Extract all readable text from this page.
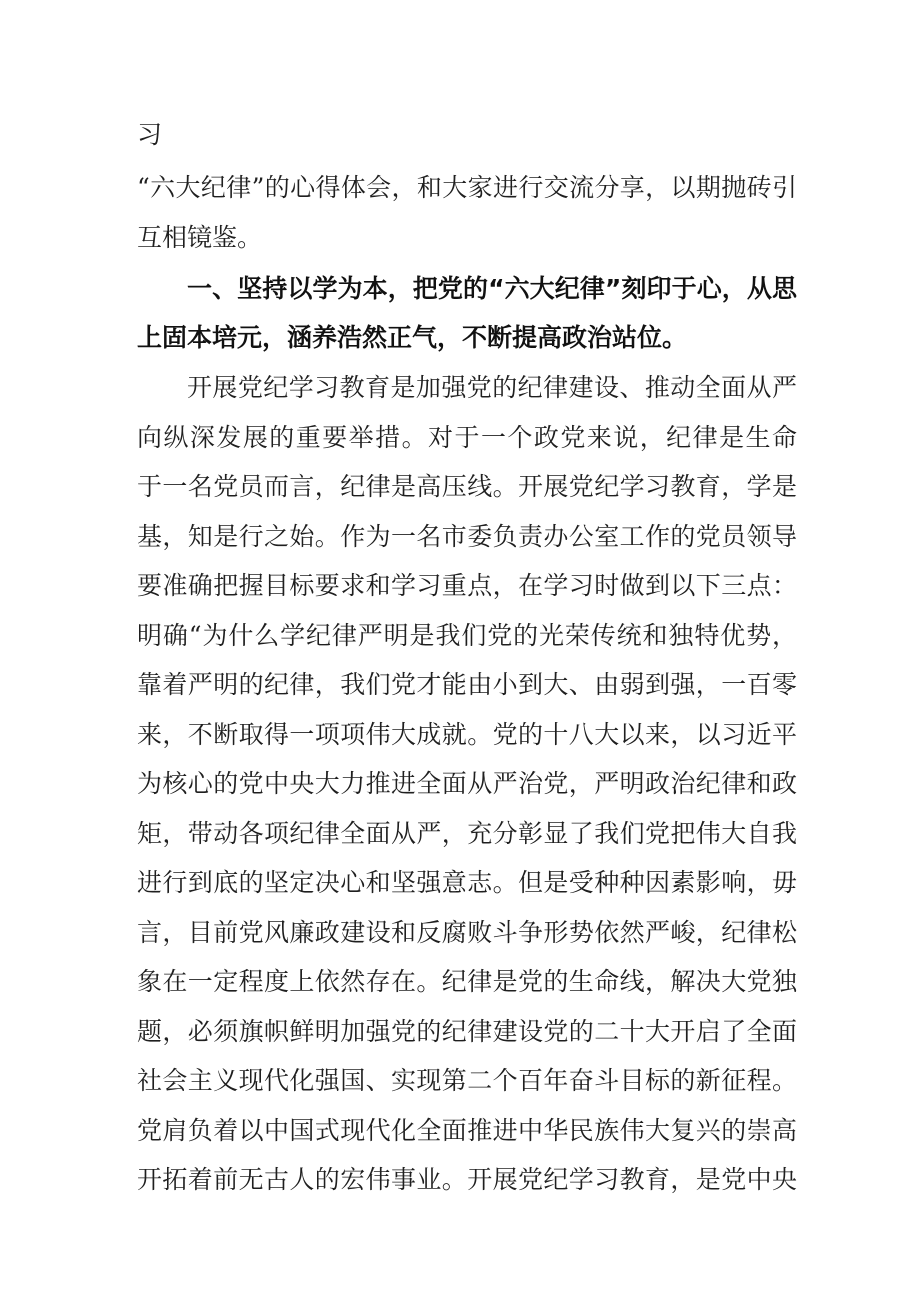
习
“六大纪律”的心得体会，和大家进行交流分享，以期抛砖引
互相镜鉴。
一、坚持以学为本，把党的“六大纪律”刻印于心，从思
上固本培元，涵养浩然正气，不断提高政治站位。
开展党纪学习教育是加强党的纪律建设、推动全面从严
向纵深发展的重要举措。对于一个政党来说，纪律是生命
于一名党员而言，纪律是高压线。开展党纪学习教育，学是
基，知是行之始。作为一名市委负责办公室工作的党员领导
要准确把握目标要求和学习重点，在学习时做到以下三点：
明确“为什么学纪律严明是我们党的光荣传统和独特优势，
靠着严明的纪律，我们党才能由小到大、由弱到强，一百零
来，不断取得一项项伟大成就。党的十八大以来，以习近平
为核心的党中央大力推进全面从严治党，严明政治纪律和政
矩，带动各项纪律全面从严，充分彰显了我们党把伟大自我
进行到底的坚定决心和坚强意志。但是受种种因素影响，毋
言，目前党风廉政建设和反腐败斗争形势依然严峻，纪律松
象在一定程度上依然存在。纪律是党的生命线，解决大党独
题，必须旗帜鲜明加强党的纪律建设党的二十大开启了全面
社会主义现代化强国、实现第二个百年奋斗目标的新征程。
党肩负着以中国式现代化全面推进中华民族伟大复兴的崇高
开拓着前无古人的宏伟事业。开展党纪学习教育，是党中央
